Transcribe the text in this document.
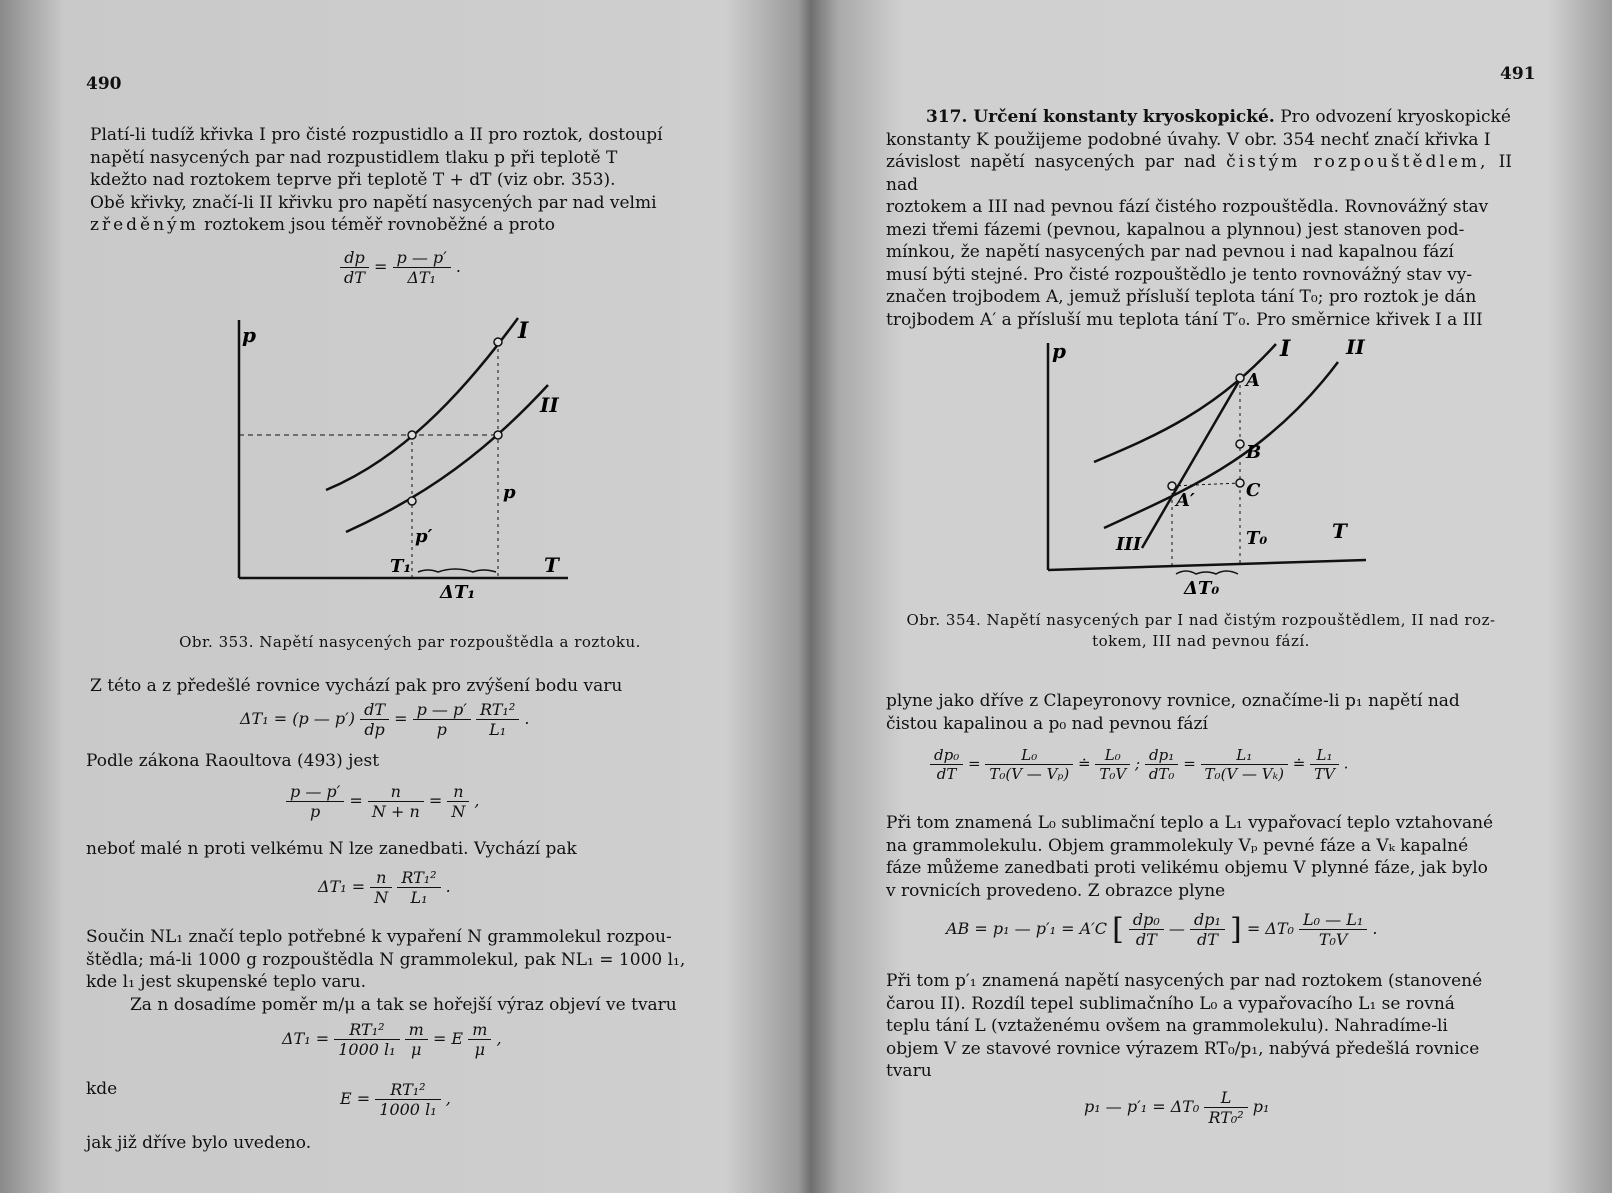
490

Platí-li tudíž křivka I pro čisté rozpustidlo a II pro roztok, dostoupí

napětí nasycených par nad rozpustidlem tlaku p při teplotě T

kdežto nad roztokem teprve při teplotě T + dT (viz obr. 353).

Obě křivky, značí-li II křivku pro napětí nasycených par nad velmi

zředěným roztokem jsou téměř rovnoběžné a proto

$\frac{dp}{dT} = \frac{p — p'}{\text{ΔT₁}}$ .
p	I
II
p
p′
T₁	T
ΔT₁
Obr. 353. Napětí nasycených par rozpouštědla a roztoku.
Z této a z předešlé rovnice vychází pak pro zvýšení bodu varu
ΔT₁ = (p — $p') \frac{dT}{dp} = \frac{p — p'}{p}$
$\frac{\text{RT₁²}}{\text{L₁}}$ .
Podle zákona Raoultova (493) jest
$\frac{p — p'}{p} = \frac{n}{N + n} = \frac{n}{N}$ ,
neboť malé n proti velkému N lze zanedbati. Vychází pak
$\Delta T_1 = \frac{n}{N}$
$\frac{\text{RT₁²}}{\text{L₁}}$ .

Součin NL₁ značí teplo potřebné k vypaření N grammolekul rozpou-

štědla; má-li 1000 g rozpouštědla N grammolekul, pak NL₁ = 1000 l₁,

kde l₁ jest skupenské teplo varu.

Za n dosadíme poměr m/μ a tak se hořejší výraz objeví ve tvaru
$\Delta T_1 = \frac{\text{RT₁²}}{\text{1000 l₁}}$
$\frac{m}{\mu} = E \frac{m}{\mu}$ ,
kde	$E = \frac{\text{RT₁²}}{\text{1000 l₁}}$ ,
jak již dříve bylo uvedeno.
491

317. Určení konstanty kryoskopické. Pro odvození kryoskopické

konstanty K použijeme podobné úvahy. V obr. 354 nechť značí křivka I

závislost napětí nasycených par nad čistým rozpouštědlem, II nad

roztokem a III nad pevnou fází čistého rozpouštědla. Rovnovážný stav

mezi třemi fázemi (pevnou, kapalnou a plynnou) jest stanoven pod-

mínkou, že napětí nasycených par nad pevnou i nad kapalnou fází

musí býti stejné. Pro čisté rozpouštědlo je tento rovnovážný stav vy-

značen trojbodem A, jemuž přísluší teplota tání T₀; pro roztok je dán

trojbodem A′ a přísluší mu teplota tání T′₀. Pro směrnice křivek I a III

p	I	II
III
A
B
C
A′
T₀	T
ΔT₀
Obr. 354. Napětí nasycených par I nad čistým rozpouštědlem, II nad roz-
tokem, III nad pevnou fází.

plyne jako dříve z Clapeyronovy rovnice, označíme-li p₁ napětí nad

čistou kapalinou a p₀ nad pevnou fází

$\frac{\text{dp₀}}{dT} = \frac{\text{L₀}}{\text{T₀(V — Vₚ)}}$ ≐ $\frac{\text{L₀}}{\text{T₀V}}$ ; $\frac{\text{dp₁}}{\text{dT₀}} = \frac{\text{L₁}}{\text{T₀(V — Vₖ)}}$ ≐ $\frac{\text{L₁}}{TV}$ .

Při tom znamená L₀ sublimační teplo a L₁ vypařovací teplo vztahované

na grammolekulu. Objem grammolekuly Vₚ pevné fáze a Vₖ kapalné

fáze můžeme zanedbati proti velikému objemu V plynné fáze, jak bylo

v rovnicích provedeno. Z obrazce plyne

AB = p₁ — p′₁ = A′C [ $\frac{\text{dp₀}}{dT}$ — $\frac{\text{dp₁}}{dT}$ ] = $\Delta T_0 \frac{\text{L₀ — L₁}}{\text{T₀V}}$ .

Při tom p′₁ znamená napětí nasycených par nad roztokem (stanovené

čarou II). Rozdíl tepel sublimačního L₀ a vypařovacího L₁ se rovná

teplu tání L (vztaženému ovšem na grammolekulu). Nahradíme-li

objem V ze stavové rovnice výrazem RT₀/p₁, nabývá předešlá rovnice

tvaru

p₁ — $p'_1 = \Delta T_0 \frac{L}{\text{RT₀²}} p_1$
